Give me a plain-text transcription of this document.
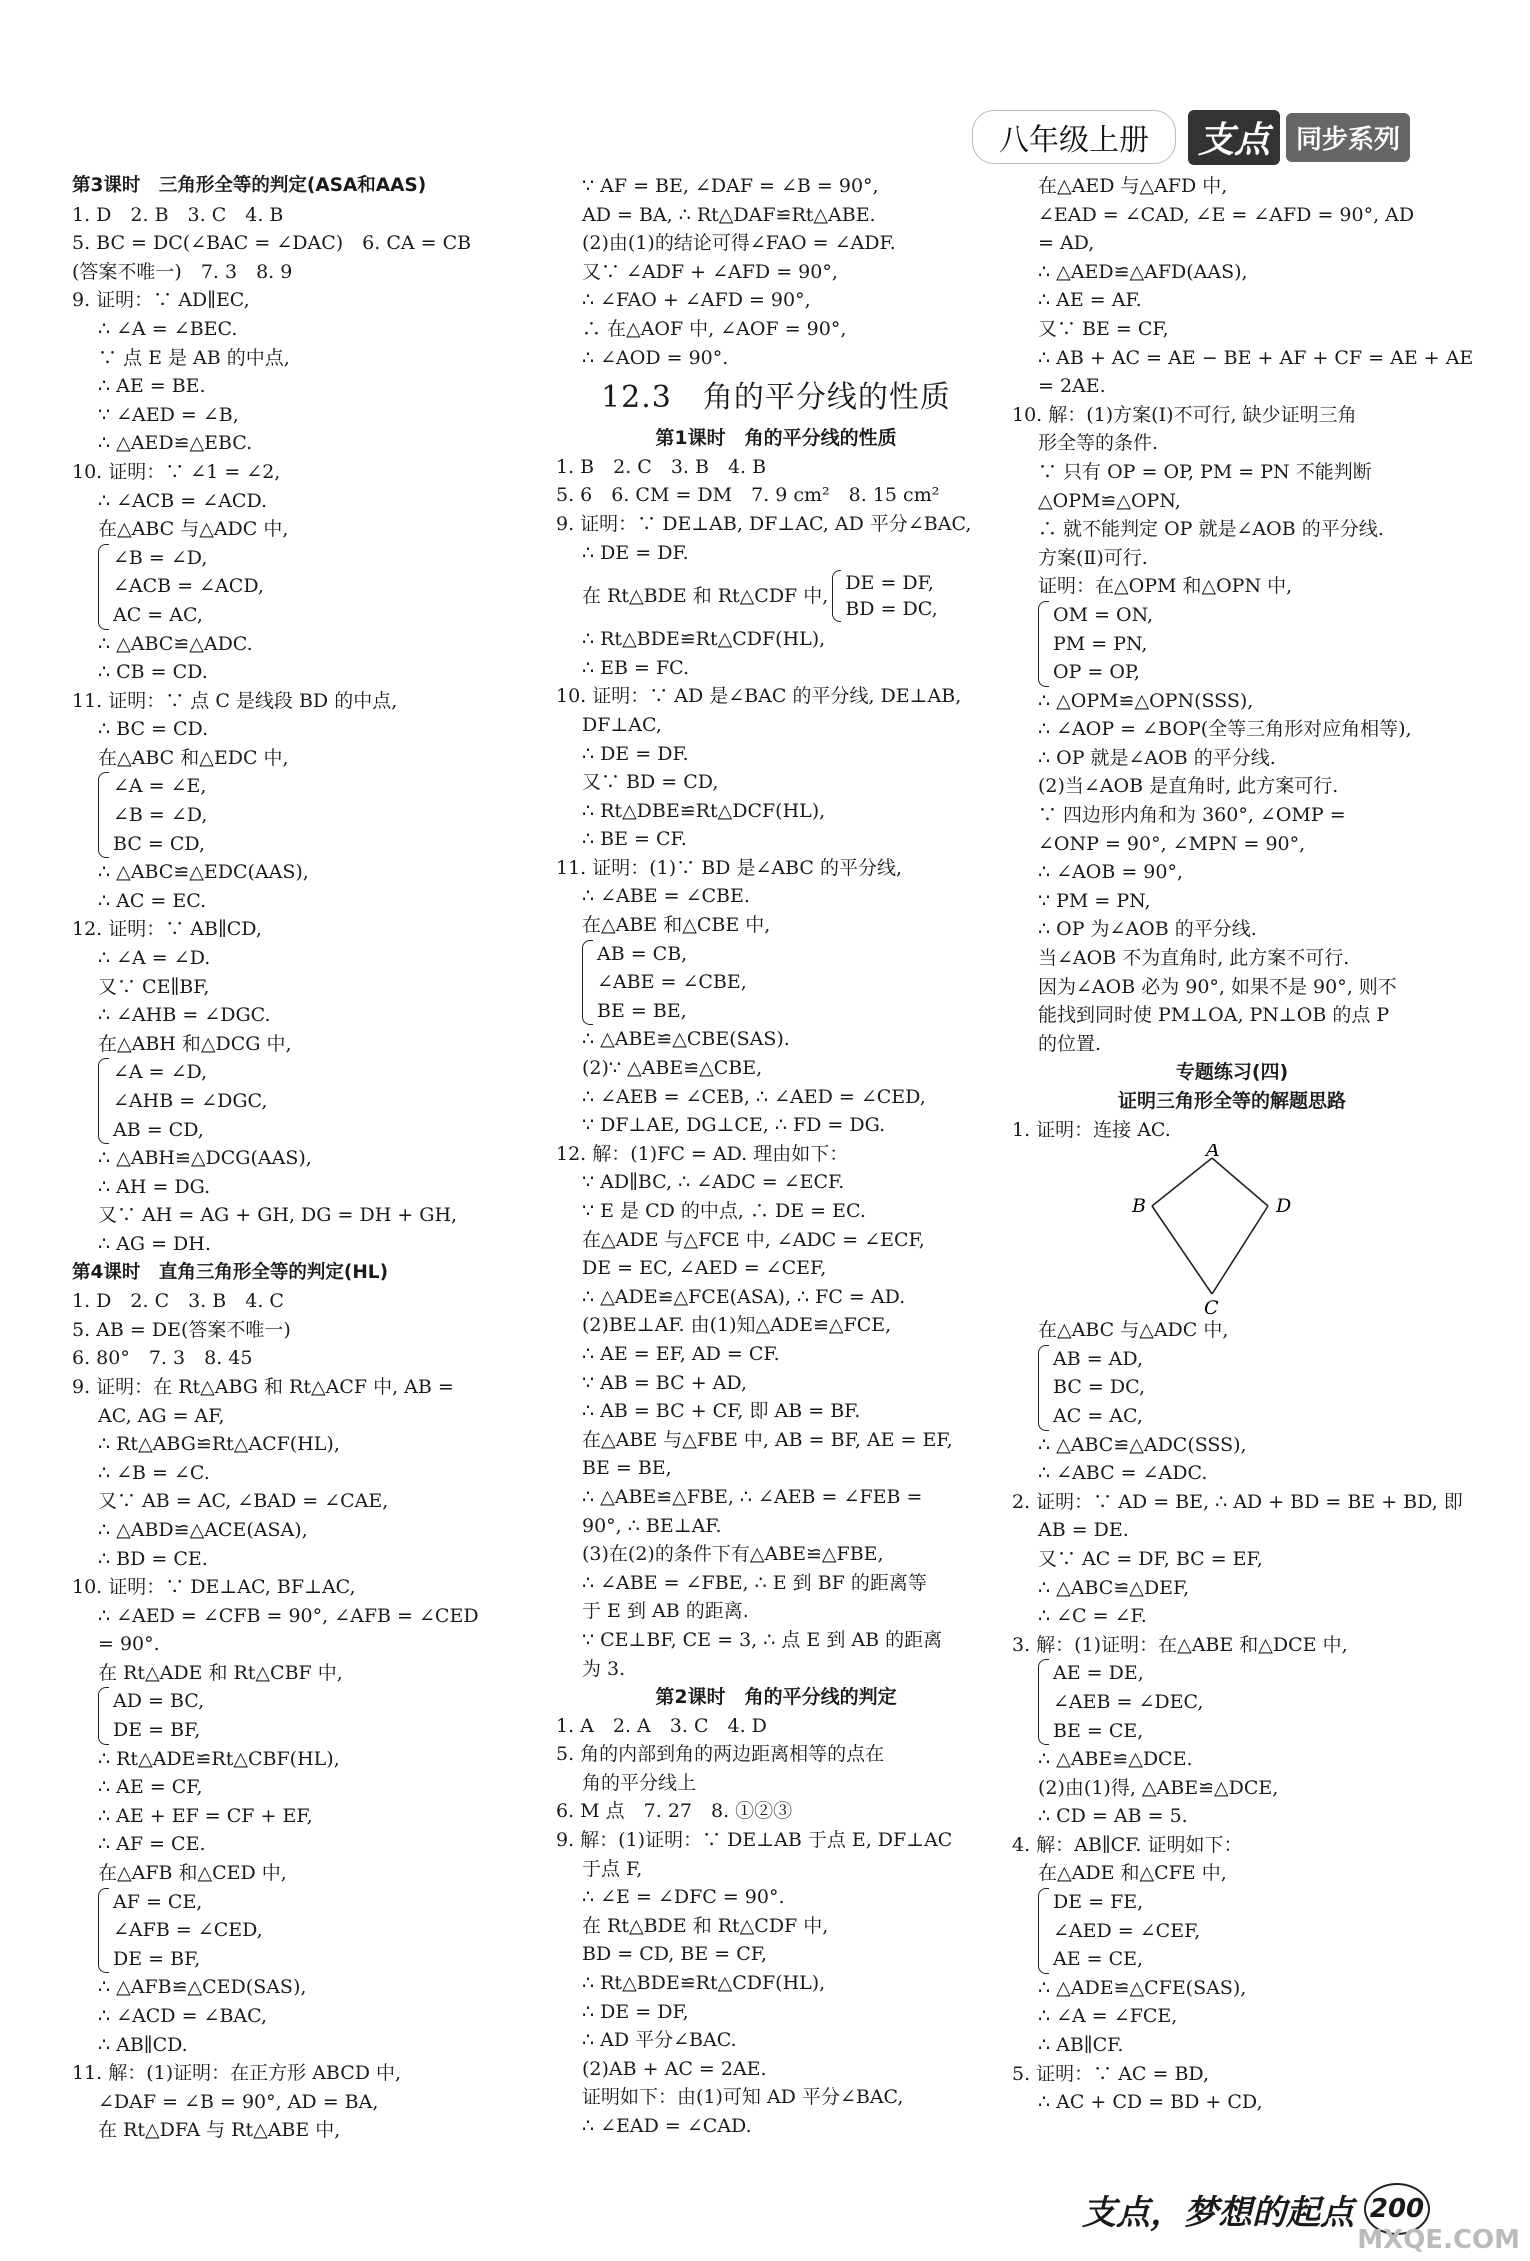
八年级上册	支点	同步系列
第3课时　三角形全等的判定(ASA和AAS)
1. D　2. B　3. C　4. B
5. BC = DC(∠BAC = ∠DAC)　6. CA = CB
(答案不唯一)　7. 3　8. 9
9. 证明：∵ AD∥EC,
∴ ∠A = ∠BEC.
∵ 点 E 是 AB 的中点,
∴ AE = BE.
∵ ∠AED = ∠B,
∴ △AED≌△EBC.
10. 证明：∵ ∠1 = ∠2,
∴ ∠ACB = ∠ACD.
在△ABC 与△ADC 中,
∠B = ∠D,
∠ACB = ∠ACD,
AC = AC,
∴ △ABC≌△ADC.
∴ CB = CD.
11. 证明：∵ 点 C 是线段 BD 的中点,
∴ BC = CD.
在△ABC 和△EDC 中,
∠A = ∠E,
∠B = ∠D,
BC = CD,
∴ △ABC≌△EDC(AAS),
∴ AC = EC.
12. 证明：∵ AB∥CD,
∴ ∠A = ∠D.
又∵ CE∥BF,
∴ ∠AHB = ∠DGC.
在△ABH 和△DCG 中,
∠A = ∠D,
∠AHB = ∠DGC,
AB = CD,
∴ △ABH≌△DCG(AAS),
∴ AH = DG.
又∵ AH = AG + GH, DG = DH + GH,
∴ AG = DH.
第4课时　直角三角形全等的判定(HL)
1. D　2. C　3. B　4. C
5. AB = DE(答案不唯一)
6. 80°　7. 3　8. 45
9. 证明：在 Rt△ABG 和 Rt△ACF 中, AB =
AC, AG = AF,
∴ Rt△ABG≌Rt△ACF(HL),
∴ ∠B = ∠C.
又∵ AB = AC, ∠BAD = ∠CAE,
∴ △ABD≌△ACE(ASA),
∴ BD = CE.
10. 证明：∵ DE⊥AC, BF⊥AC,
∴ ∠AED = ∠CFB = 90°, ∠AFB = ∠CED
= 90°.
在 Rt△ADE 和 Rt△CBF 中,
AD = BC,
DE = BF,
∴ Rt△ADE≌Rt△CBF(HL),
∴ AE = CF,
∴ AE + EF = CF + EF,
∴ AF = CE.
在△AFB 和△CED 中,
AF = CE,
∠AFB = ∠CED,
DE = BF,
∴ △AFB≌△CED(SAS),
∴ ∠ACD = ∠BAC,
∴ AB∥CD.
11. 解：(1)证明：在正方形 ABCD 中,
∠DAF = ∠B = 90°, AD = BA,
在 Rt△DFA 与 Rt△ABE 中,
∵ AF = BE, ∠DAF = ∠B = 90°,
AD = BA, ∴ Rt△DAF≌Rt△ABE.
(2)由(1)的结论可得∠FAO = ∠ADF.
又∵ ∠ADF + ∠AFD = 90°,
∴ ∠FAO + ∠AFD = 90°,
∴ 在△AOF 中, ∠AOF = 90°,
∴ ∠AOD = 90°.
12.3　角的平分线的性质
第1课时　角的平分线的性质
1. B　2. C　3. B　4. B
5. 6　6. CM = DM　7. 9 cm²　8. 15 cm²
9. 证明：∵ DE⊥AB, DF⊥AC, AD 平分∠BAC,
∴ DE = DF.
在 Rt△BDE 和 Rt△CDF 中,
DE = DF,
BD = DC,
∴ Rt△BDE≌Rt△CDF(HL),
∴ EB = FC.
10. 证明：∵ AD 是∠BAC 的平分线, DE⊥AB,
DF⊥AC,
∴ DE = DF.
又∵ BD = CD,
∴ Rt△DBE≌Rt△DCF(HL),
∴ BE = CF.
11. 证明：(1)∵ BD 是∠ABC 的平分线,
∴ ∠ABE = ∠CBE.
在△ABE 和△CBE 中,
AB = CB,
∠ABE = ∠CBE,
BE = BE,
∴ △ABE≌△CBE(SAS).
(2)∵ △ABE≌△CBE,
∴ ∠AEB = ∠CEB, ∴ ∠AED = ∠CED,
∵ DF⊥AE, DG⊥CE, ∴ FD = DG.
12. 解：(1)FC = AD. 理由如下：
∵ AD∥BC, ∴ ∠ADC = ∠ECF.
∵ E 是 CD 的中点, ∴ DE = EC.
在△ADE 与△FCE 中, ∠ADC = ∠ECF,
DE = EC, ∠AED = ∠CEF,
∴ △ADE≌△FCE(ASA), ∴ FC = AD.
(2)BE⊥AF. 由(1)知△ADE≌△FCE,
∴ AE = EF, AD = CF.
∵ AB = BC + AD,
∴ AB = BC + CF, 即 AB = BF.
在△ABE 与△FBE 中, AB = BF, AE = EF,
BE = BE,
∴ △ABE≌△FBE, ∴ ∠AEB = ∠FEB =
90°, ∴ BE⊥AF.
(3)在(2)的条件下有△ABE≌△FBE,
∴ ∠ABE = ∠FBE, ∴ E 到 BF 的距离等
于 E 到 AB 的距离.
∵ CE⊥BF, CE = 3, ∴ 点 E 到 AB 的距离
为 3.
第2课时　角的平分线的判定
1. A　2. A　3. C　4. D
5. 角的内部到角的两边距离相等的点在
角的平分线上
6. M 点　7. 27　8. ①②③
9. 解：(1)证明：∵ DE⊥AB 于点 E, DF⊥AC
于点 F,
∴ ∠E = ∠DFC = 90°.
在 Rt△BDE 和 Rt△CDF 中,
BD = CD, BE = CF,
∴ Rt△BDE≌Rt△CDF(HL),
∴ DE = DF,
∴ AD 平分∠BAC.
(2)AB + AC = 2AE.
证明如下：由(1)可知 AD 平分∠BAC,
∴ ∠EAD = ∠CAD.
在△AED 与△AFD 中,
∠EAD = ∠CAD, ∠E = ∠AFD = 90°, AD
= AD,
∴ △AED≌△AFD(AAS),
∴ AE = AF.
又∵ BE = CF,
∴ AB + AC = AE − BE + AF + CF = AE + AE
= 2AE.
10. 解：(1)方案(Ⅰ)不可行, 缺少证明三角
形全等的条件.
∵ 只有 OP = OP, PM = PN 不能判断
△OPM≌△OPN,
∴ 就不能判定 OP 就是∠AOB 的平分线.
方案(Ⅱ)可行.
证明：在△OPM 和△OPN 中,
OM = ON,
PM = PN,
OP = OP,
∴ △OPM≌△OPN(SSS),
∴ ∠AOP = ∠BOP(全等三角形对应角相等),
∴ OP 就是∠AOB 的平分线.
(2)当∠AOB 是直角时, 此方案可行.
∵ 四边形内角和为 360°, ∠OMP =
∠ONP = 90°, ∠MPN = 90°,
∴ ∠AOB = 90°,
∵ PM = PN,
∴ OP 为∠AOB 的平分线.
当∠AOB 不为直角时, 此方案不可行.
因为∠AOB 必为 90°, 如果不是 90°, 则不
能找到同时使 PM⊥OA, PN⊥OB 的点 P
的位置.
专题练习(四)
证明三角形全等的解题思路
1. 证明：连接 AC.
A
B
C
D
在△ABC 与△ADC 中,
AB = AD,
BC = DC,
AC = AC,
∴ △ABC≌△ADC(SSS),
∴ ∠ABC = ∠ADC.
2. 证明：∵ AD = BE, ∴ AD + BD = BE + BD, 即
AB = DE.
又∵ AC = DF, BC = EF,
∴ △ABC≌△DEF,
∴ ∠C = ∠F.
3. 解：(1)证明：在△ABE 和△DCE 中,
AE = DE,
∠AEB = ∠DEC,
BE = CE,
∴ △ABE≌△DCE.
(2)由(1)得, △ABE≌△DCE,
∴ CD = AB = 5.
4. 解：AB∥CF. 证明如下：
在△ADE 和△CFE 中,
DE = FE,
∠AED = ∠CEF,
AE = CE,
∴ △ADE≌△CFE(SAS),
∴ ∠A = ∠FCE,
∴ AB∥CF.
5. 证明：∵ AC = BD,
∴ AC + CD = BD + CD,
支点，梦想的起点 200
MXQE.COM
